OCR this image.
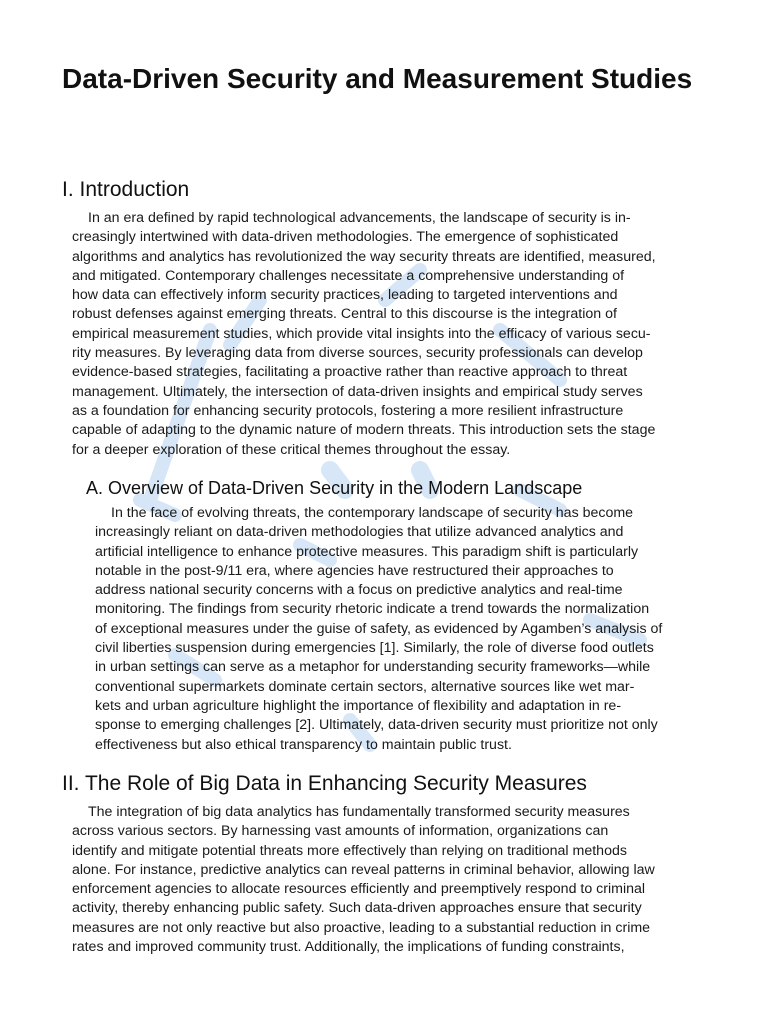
Data-Driven Security and Measurement Studies
I. Introduction
In an era defined by rapid technological advancements, the landscape of security is in-
creasingly intertwined with data-driven methodologies. The emergence of sophisticated
algorithms and analytics has revolutionized the way security threats are identified, measured,
and mitigated. Contemporary challenges necessitate a comprehensive understanding of
how data can effectively inform security practices, leading to targeted interventions and
robust defenses against emerging threats. Central to this discourse is the integration of
empirical measurement studies, which provide vital insights into the efficacy of various secu-
rity measures. By leveraging data from diverse sources, security professionals can develop
evidence-based strategies, facilitating a proactive rather than reactive approach to threat
management. Ultimately, the intersection of data-driven insights and empirical study serves
as a foundation for enhancing security protocols, fostering a more resilient infrastructure
capable of adapting to the dynamic nature of modern threats. This introduction sets the stage
for a deeper exploration of these critical themes throughout the essay.
A. Overview of Data-Driven Security in the Modern Landscape
In the face of evolving threats, the contemporary landscape of security has become
increasingly reliant on data-driven methodologies that utilize advanced analytics and
artificial intelligence to enhance protective measures. This paradigm shift is particularly
notable in the post-9/11 era, where agencies have restructured their approaches to
address national security concerns with a focus on predictive analytics and real-time
monitoring. The findings from security rhetoric indicate a trend towards the normalization
of exceptional measures under the guise of safety, as evidenced by Agamben’s analysis of
civil liberties suspension during emergencies [1]. Similarly, the role of diverse food outlets
in urban settings can serve as a metaphor for understanding security frameworks—while
conventional supermarkets dominate certain sectors, alternative sources like wet mar-
kets and urban agriculture highlight the importance of flexibility and adaptation in re-
sponse to emerging challenges [2]. Ultimately, data-driven security must prioritize not only
effectiveness but also ethical transparency to maintain public trust.
II. The Role of Big Data in Enhancing Security Measures
The integration of big data analytics has fundamentally transformed security measures
across various sectors. By harnessing vast amounts of information, organizations can
identify and mitigate potential threats more effectively than relying on traditional methods
alone. For instance, predictive analytics can reveal patterns in criminal behavior, allowing law
enforcement agencies to allocate resources efficiently and preemptively respond to criminal
activity, thereby enhancing public safety. Such data-driven approaches ensure that security
measures are not only reactive but also proactive, leading to a substantial reduction in crime
rates and improved community trust. Additionally, the implications of funding constraints,
